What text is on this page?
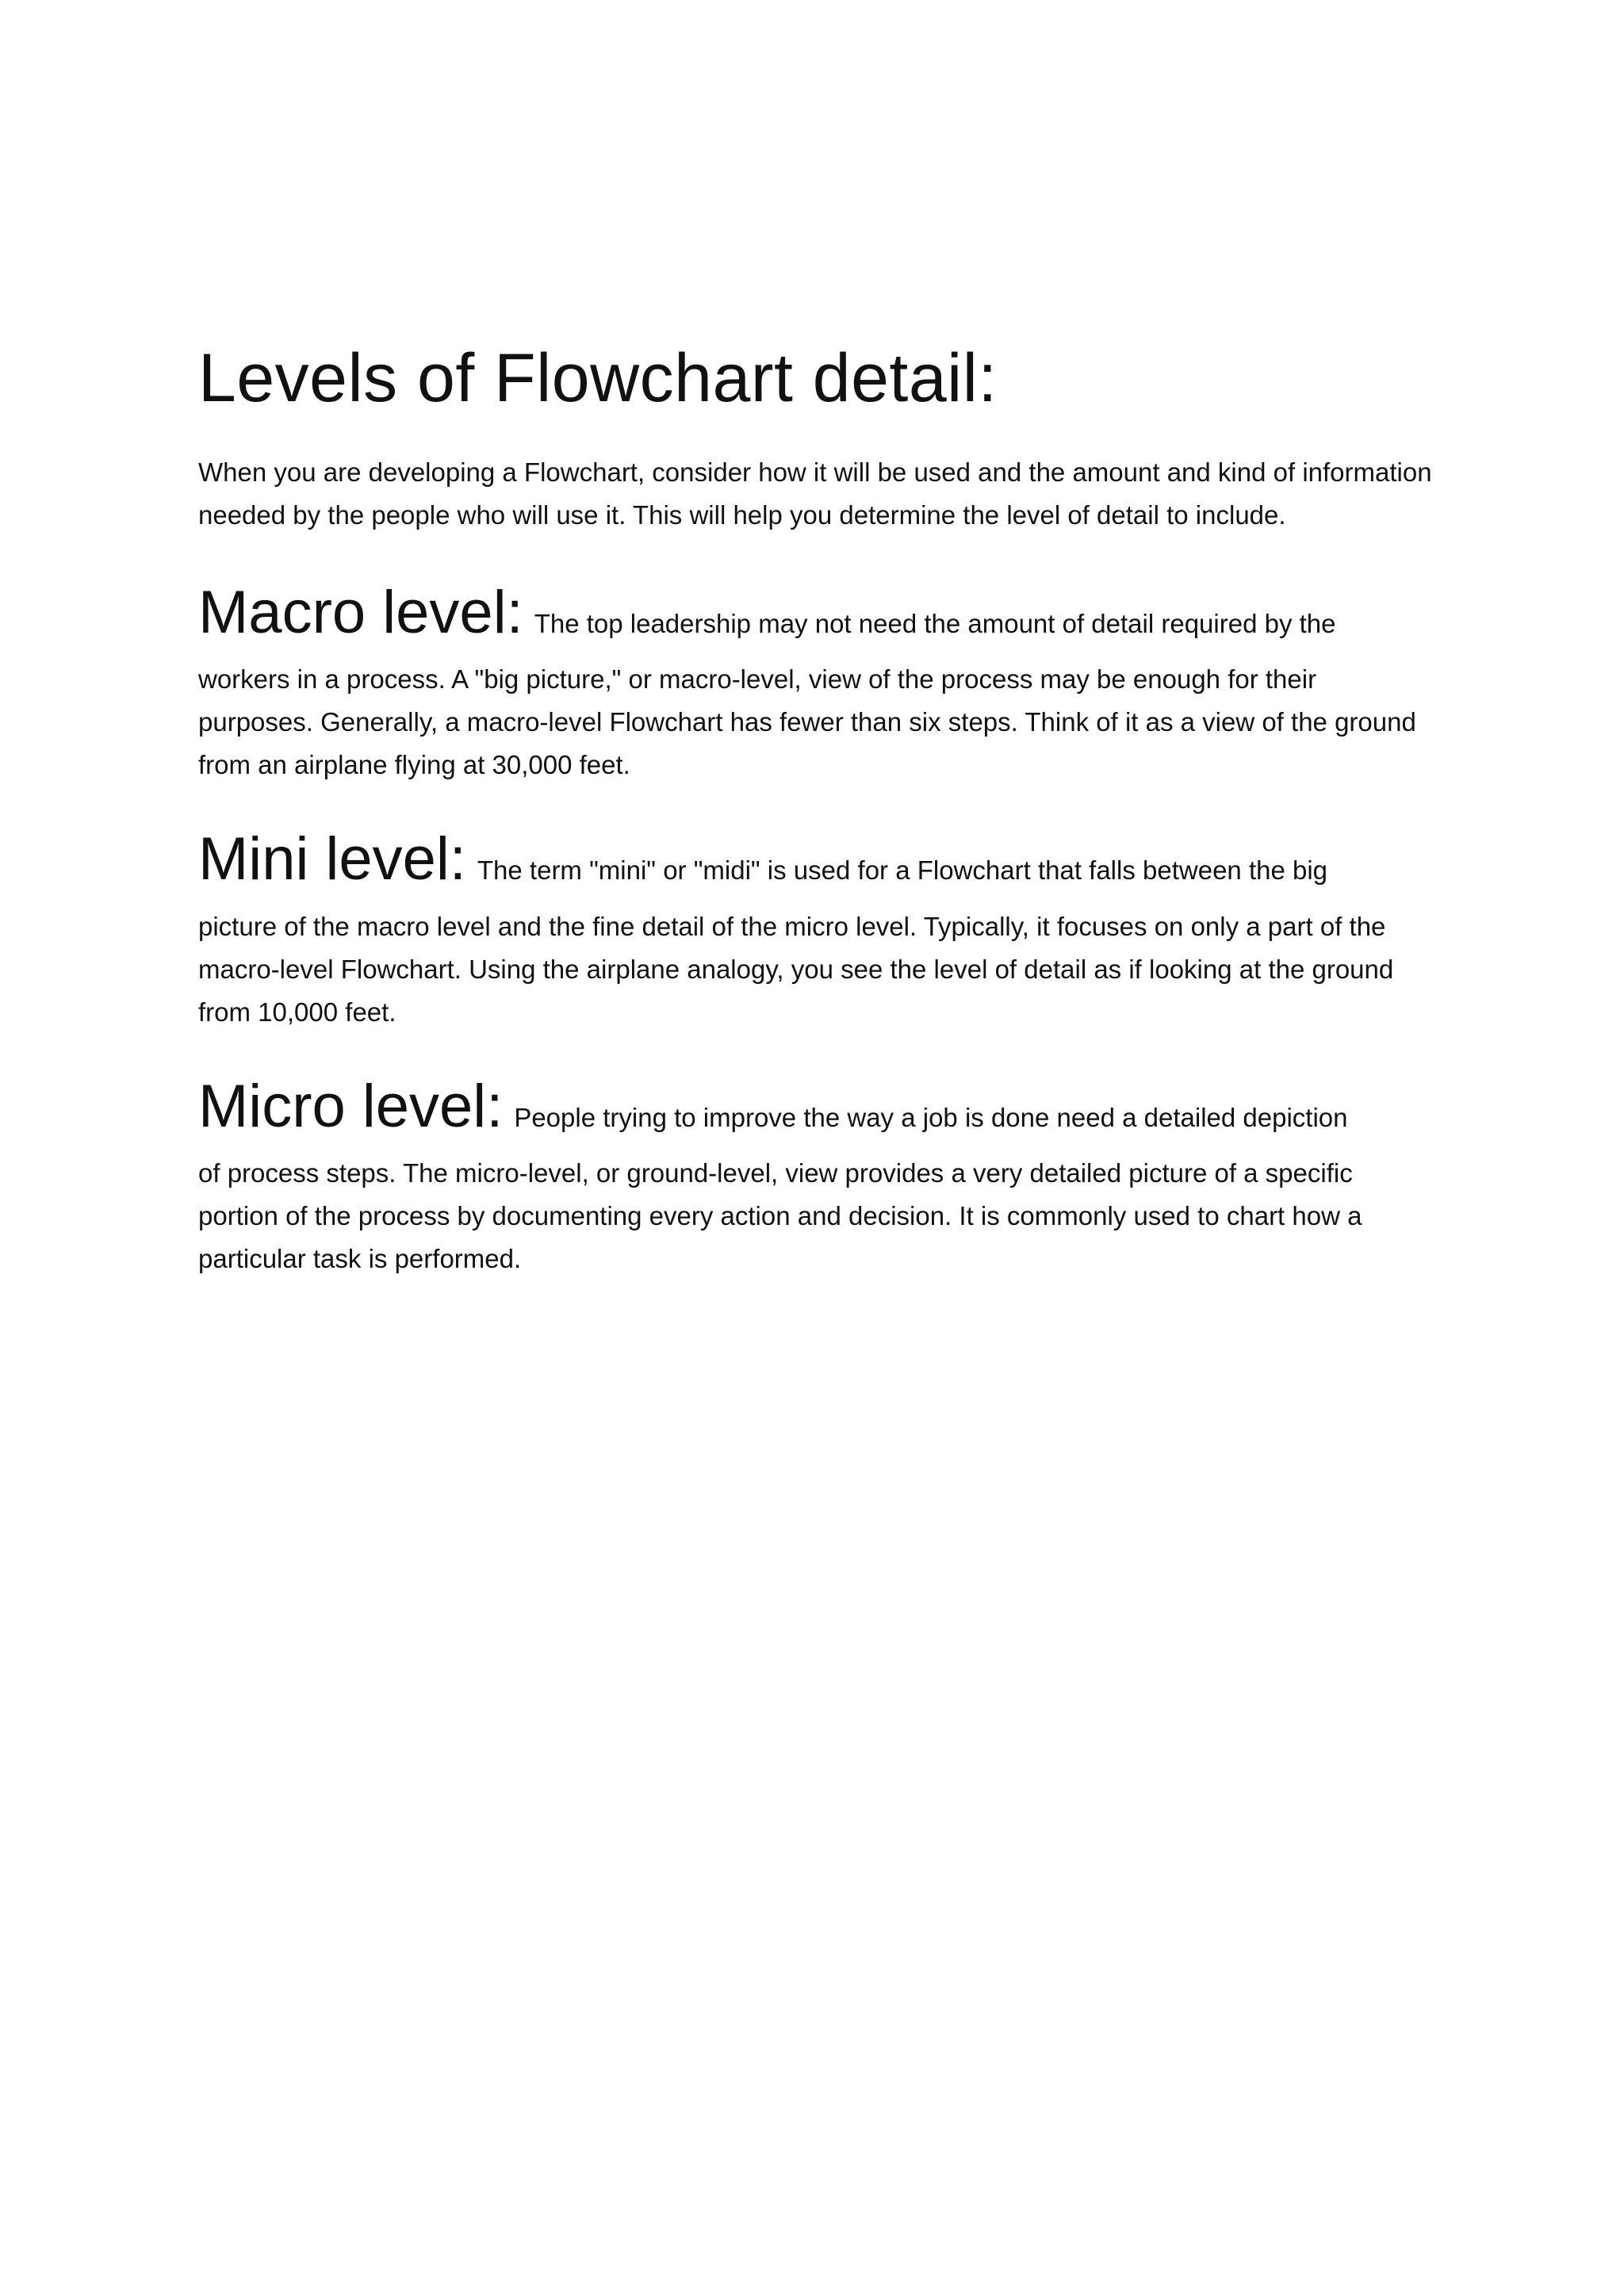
Levels of Flowchart detail:

When you are developing a Flowchart, consider how it will be used and the amount and kind of information needed by the people who will use it. This will help you determine the level of detail to include.

Macro level: The top leadership may not need the amount of detail required by the

workers in a process. A "big picture," or macro-level, view of the process may be enough for their purposes. Generally, a macro-level Flowchart has fewer than six steps. Think of it as a view of the ground from an airplane flying at 30,000 feet.

Mini level: The term "mini" or "midi" is used for a Flowchart that falls between the big

picture of the macro level and the fine detail of the micro level. Typically, it focuses on only a part of the macro-level Flowchart. Using the airplane analogy, you see the level of detail as if looking at the ground from 10,000 feet.

Micro level: People trying to improve the way a job is done need a detailed depiction

of process steps. The micro-level, or ground-level, view provides a very detailed picture of a specific portion of the process by documenting every action and decision. It is commonly used to chart how a particular task is performed.
